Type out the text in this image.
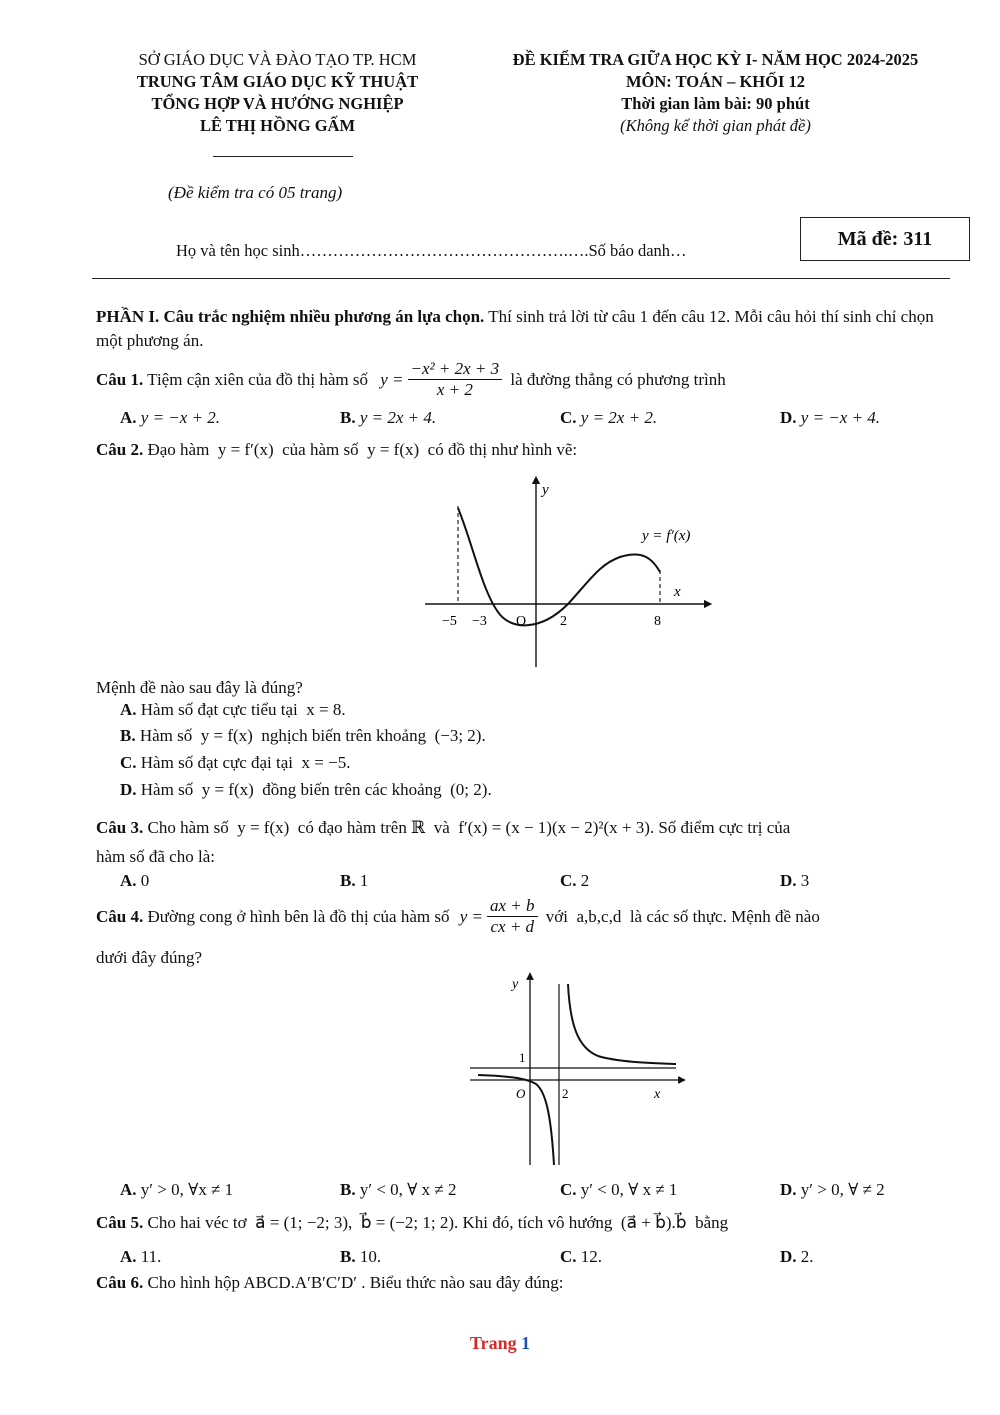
SỞ GIÁO DỤC VÀ ĐÀO TẠO TP. HCM
TRUNG TÂM GIÁO DỤC KỸ THUẬT
TỔNG HỢP VÀ HƯỚNG NGHIỆP
LÊ THỊ HỒNG GẤM
ĐỀ KIỂM TRA GIỮA HỌC KỲ I- NĂM HỌC 2024-2025
MÔN: TOÁN – KHỐI 12
Thời gian làm bài: 90 phút
(Không kể thời gian phát đề)
(Đề kiểm tra có 05 trang)
Họ và tên học sinh………………………………………….….Số báo danh…
Mã đề: 311
PHẦN I. Câu trắc nghiệm nhiều phương án lựa chọn. Thí sinh trả lời từ câu 1 đến câu 12. Mỗi câu hỏi thí sinh chỉ chọn một phương án.
Câu 1. Tiệm cận xiên của đồ thị hàm số $y = \frac{\text{−x² + 2x + 3}}{x + 2}$ là đường thẳng có phương trình
A. y = −x + 2.	B. y = 2x + 4.	C. y = 2x + 2.	D. y = −x + 4.
Câu 2. Đạo hàm  y = f′(x)  của hàm số  y = f(x)  có đồ thị như hình vẽ:
y
x
y = f′(x)
O
−5 −3	2	8
Mệnh đề nào sau đây là đúng?
A. Hàm số đạt cực tiểu tại  x = 8.
B. Hàm số  y = f(x)  nghịch biến trên khoảng  (−3; 2).
C. Hàm số đạt cực đại tại  x = −5.
D. Hàm số  y = f(x)  đồng biến trên các khoảng  (0; 2).
Câu 3. Cho hàm số  y = f(x)  có đạo hàm trên ℝ  và  f′(x) = (x − 1)(x − 2)²(x + 3). Số điểm cực trị của
hàm số đã cho là:
A. 0	B. 1	C. 2	D. 3
Câu 4. Đường cong ở hình bên là đồ thị của hàm số $y = \frac{ax + b}{cx + d}$ với  a,b,c,d  là các số thực. Mệnh đề nào
dưới đây đúng?
y
x
O	2
1
A. y′ > 0, ∀x ≠ 1	B. y′ < 0, ∀ x ≠ 2	C. y′ < 0, ∀ x ≠ 1	D. y′ > 0, ∀ ≠ 2
Câu 5. Cho hai véc tơ  a⃗ = (1; −2; 3),  b⃗ = (−2; 1; 2). Khi đó, tích vô hướng  (a⃗ + b⃗).b⃗  bằng
A. 11.	B. 10.	C. 12.	D. 2.
Câu 6. Cho hình hộp ABCD.A′B′C′D′ . Biểu thức nào sau đây đúng:
Trang 1
